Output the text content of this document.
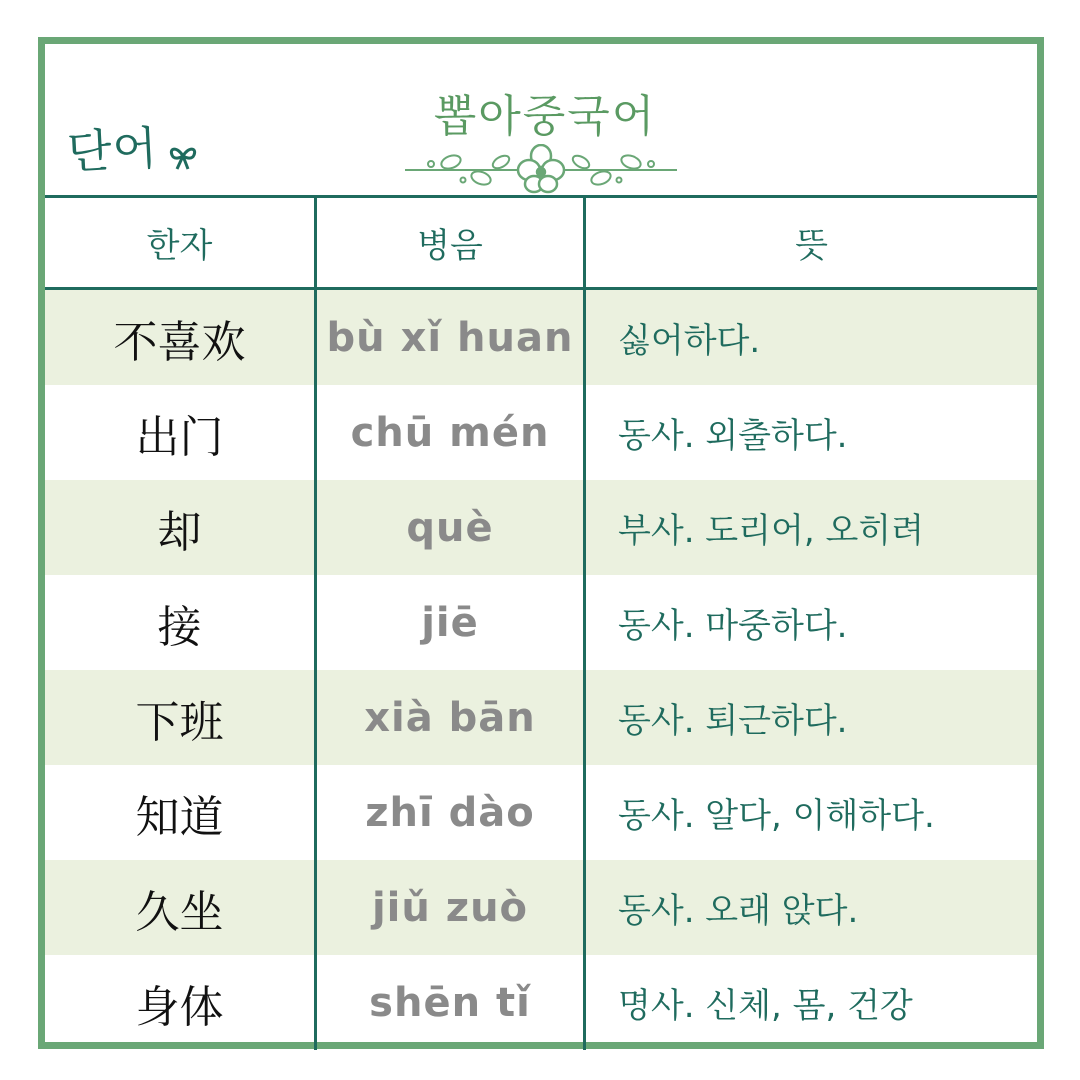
단어
뽑아중국어
한자	병음	뜻
不喜欢	bù xǐ huan	싫어하다.
出门	chū mén	동사. 외출하다.
却	què	부사. 도리어, 오히려
接	jiē	동사. 마중하다.
下班	xià bān	동사. 퇴근하다.
知道	zhī dào	동사. 알다, 이해하다.
久坐	jiǔ zuò	동사. 오래 앉다.
身体	shēn tǐ	명사. 신체, 몸, 건강
